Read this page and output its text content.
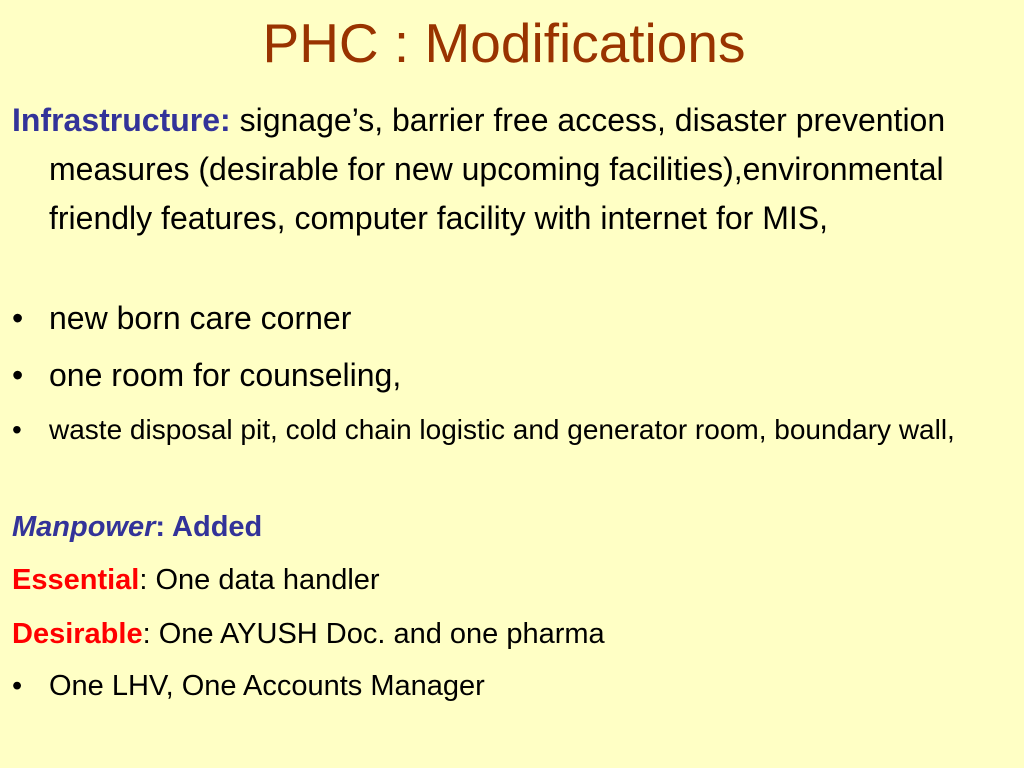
PHC : Modifications

Infrastructure: signage’s, barrier free access, disaster prevention measures (desirable for new upcoming facilities),environmental friendly features, computer facility with internet for MIS,

• new born care corner

• one room for counseling,

• waste disposal pit, cold chain logistic and generator room, boundary wall,

Manpower: Added

Essential: One data handler

Desirable: One AYUSH Doc. and one pharma

• One LHV, One Accounts Manager
